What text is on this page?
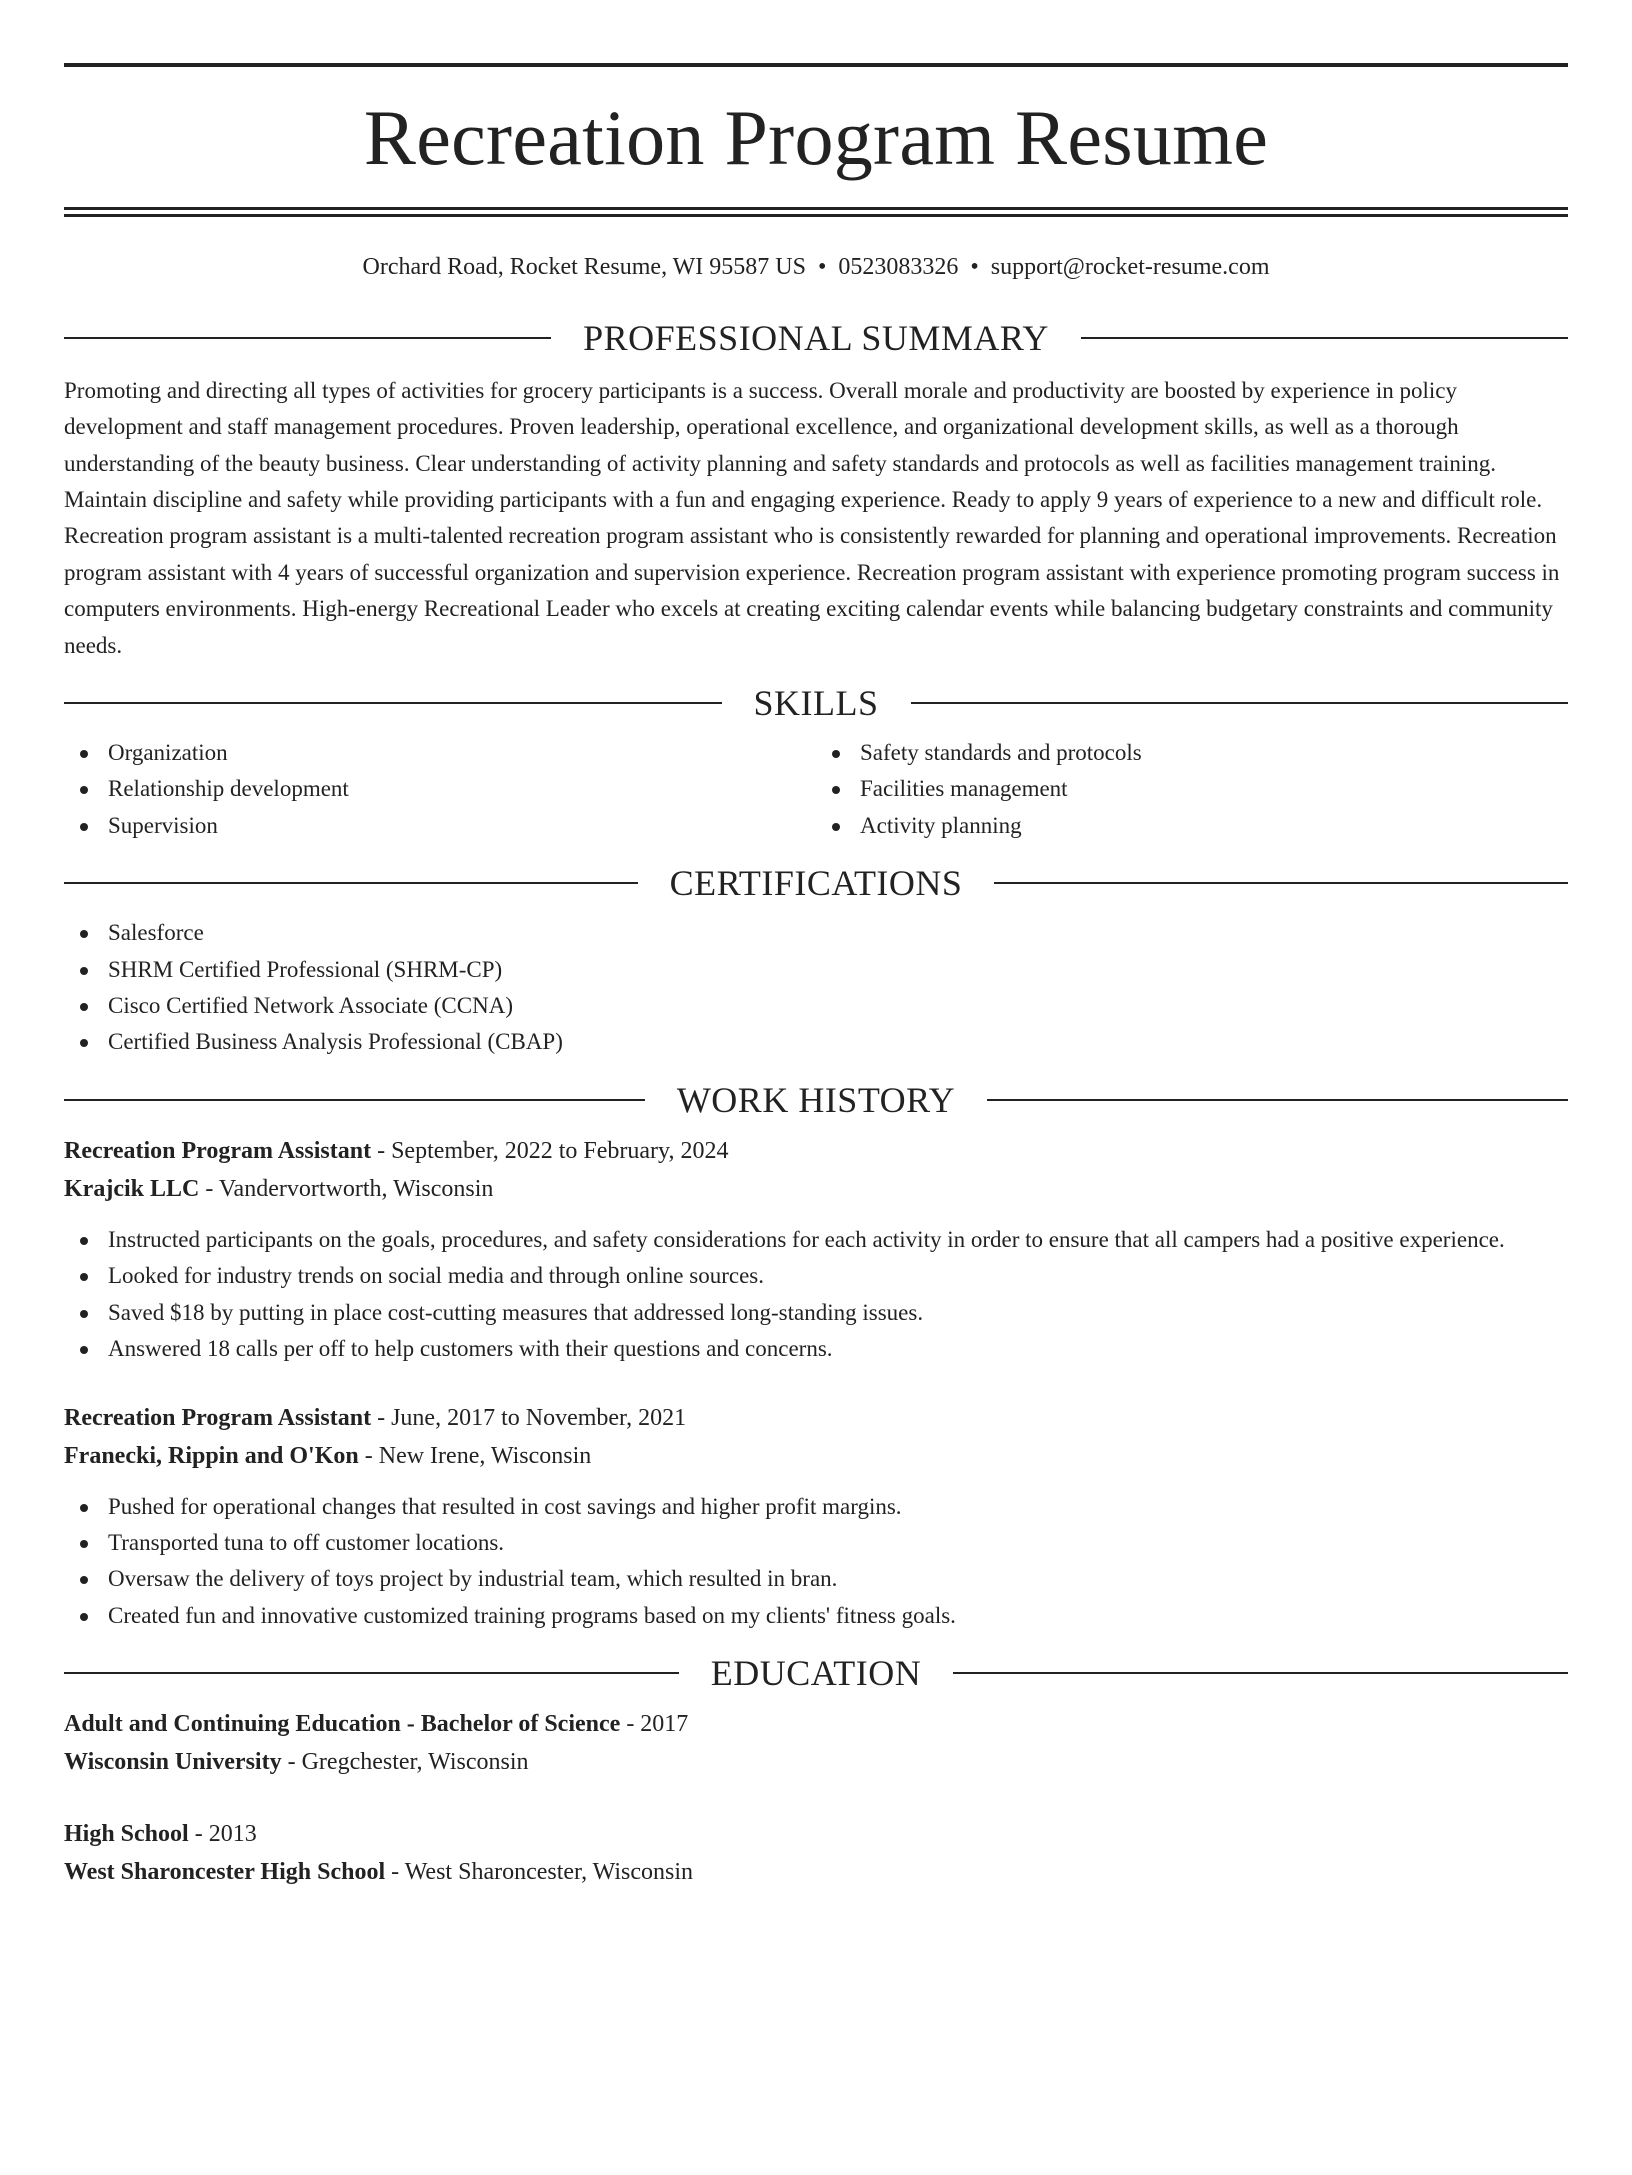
Recreation Program Resume
Orchard Road, Rocket Resume, WI 95587 US • 0523083326 • support@rocket-resume.com
PROFESSIONAL SUMMARY

Promoting and directing all types of activities for grocery participants is a success. Overall morale and productivity are boosted by experience in policy development and staff management procedures. Proven leadership, operational excellence, and organizational development skills, as well as a thorough understanding of the beauty business. Clear understanding of activity planning and safety standards and protocols as well as facilities management training. Maintain discipline and safety while providing participants with a fun and engaging experience. Ready to apply 9 years of experience to a new and difficult role. Recreation program assistant is a multi-talented recreation program assistant who is consistently rewarded for planning and operational improvements. Recreation program assistant with 4 years of successful organization and supervision experience. Recreation program assistant with experience promoting program success in computers environments. High-energy Recreational Leader who excels at creating exciting calendar events while balancing budgetary constraints and community needs.

SKILLS
Organization
Relationship development
Supervision
Safety standards and protocols
Facilities management
Activity planning
CERTIFICATIONS
Salesforce
SHRM Certified Professional (SHRM-CP)
Cisco Certified Network Associate (CCNA)
Certified Business Analysis Professional (CBAP)
WORK HISTORY
Recreation Program Assistant - September, 2022 to February, 2024
Krajcik LLC - Vandervortworth, Wisconsin
Instructed participants on the goals, procedures, and safety considerations for each activity in order to ensure that all campers had a positive experience.
Looked for industry trends on social media and through online sources.
Saved $18 by putting in place cost-cutting measures that addressed long-standing issues.
Answered 18 calls per off to help customers with their questions and concerns.
Recreation Program Assistant - June, 2017 to November, 2021
Franecki, Rippin and O'Kon - New Irene, Wisconsin
Pushed for operational changes that resulted in cost savings and higher profit margins.
Transported tuna to off customer locations.
Oversaw the delivery of toys project by industrial team, which resulted in bran.
Created fun and innovative customized training programs based on my clients' fitness goals.
EDUCATION
Adult and Continuing Education - Bachelor of Science - 2017
Wisconsin University - Gregchester, Wisconsin
High School - 2013
West Sharoncester High School - West Sharoncester, Wisconsin
